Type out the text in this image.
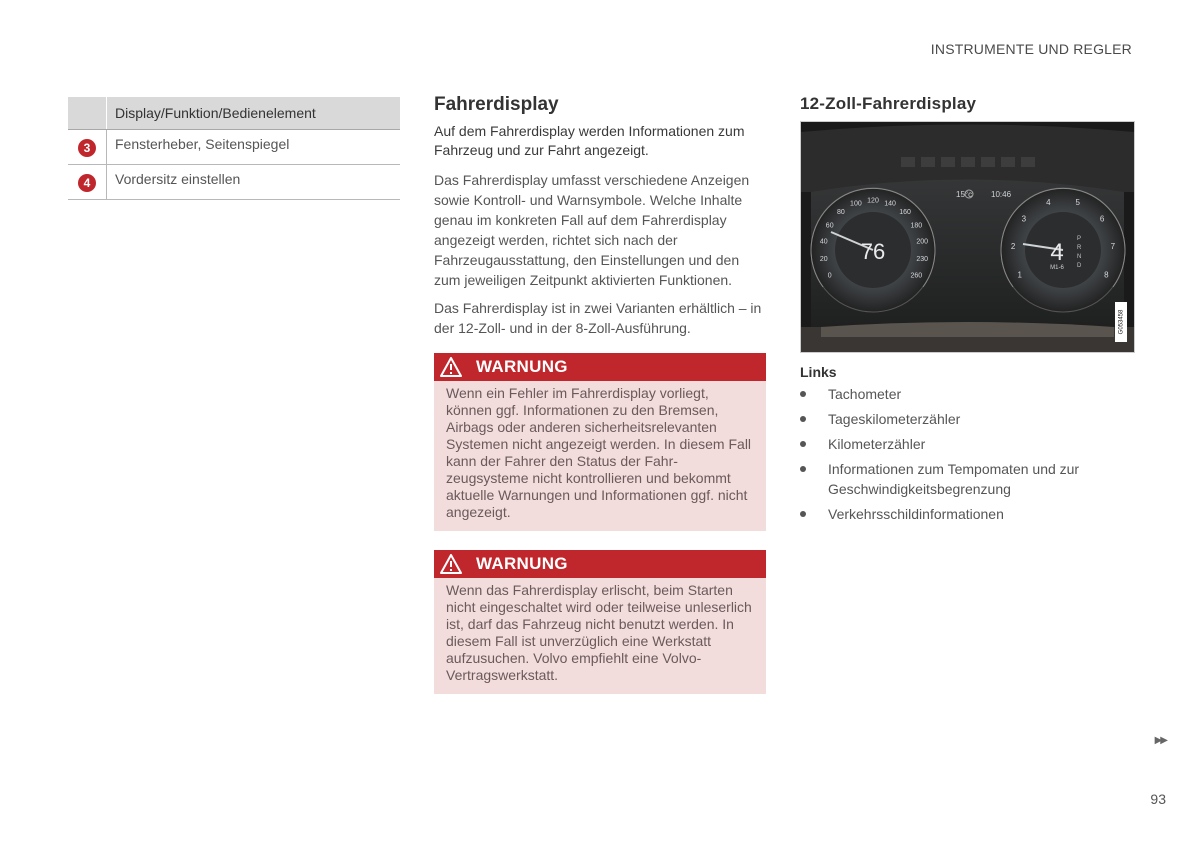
INSTRUMENTE UND REGLER
Display/Funktion/Bedienelement
3	Fensterheber, Seitenspiegel
4	Vordersitz einstellen
Fahrerdisplay

Auf dem Fahrerdisplay werden Informationen zum Fahrzeug und zur Fahrt angezeigt.

Das Fahrerdisplay umfasst verschiedene Anzeigen sowie Kontroll- und Warnsymbole. Welche Inhalte genau im konkreten Fall auf dem Fahrerdisplay angezeigt werden, richtet sich nach der Fahrzeugausstattung, den Einstellungen und den zum jeweiligen Zeitpunkt aktivierten Funktionen.

Das Fahrerdisplay ist in zwei Varianten erhältlich – in der 12-Zoll- und in der 8-Zoll-Ausführung.

WARNUNG
Wenn ein Fehler im Fahrerdisplay vorliegt, können ggf. Informationen zu den Bremsen, Airbags oder anderen sicherheitsrelevanten Systemen nicht angezeigt werden. In diesem Fall kann der Fahrer den Status der Fahrzeugsysteme nicht kontrollieren und bekommt aktuelle Warnungen und Informationen ggf. nicht angezeigt.
WARNUNG
Wenn das Fahrerdisplay erlischt, beim Starten nicht eingeschaltet wird oder teilweise unleserlich ist, darf das Fahrzeug nicht benutzt werden. In diesem Fall ist unverzüglich eine Werkstatt aufzusuchen. Volvo empfiehlt eine Volvo-Vertragswerkstatt.
12-Zoll-Fahrerdisplay
0
20
40
60
80
100 120 140
160
180
200
230
260	1
2
3
4	5
6
7
8
P
R
N
D
15°c 10:46
76	4
M1-6
G053458
Links
Tachometer
Tageskilometerzähler
Kilometerzähler
Informationen zum Tempomaten und zur Geschwindigkeitsbegrenzung
Verkehrsschildinformationen
▶▶
93
